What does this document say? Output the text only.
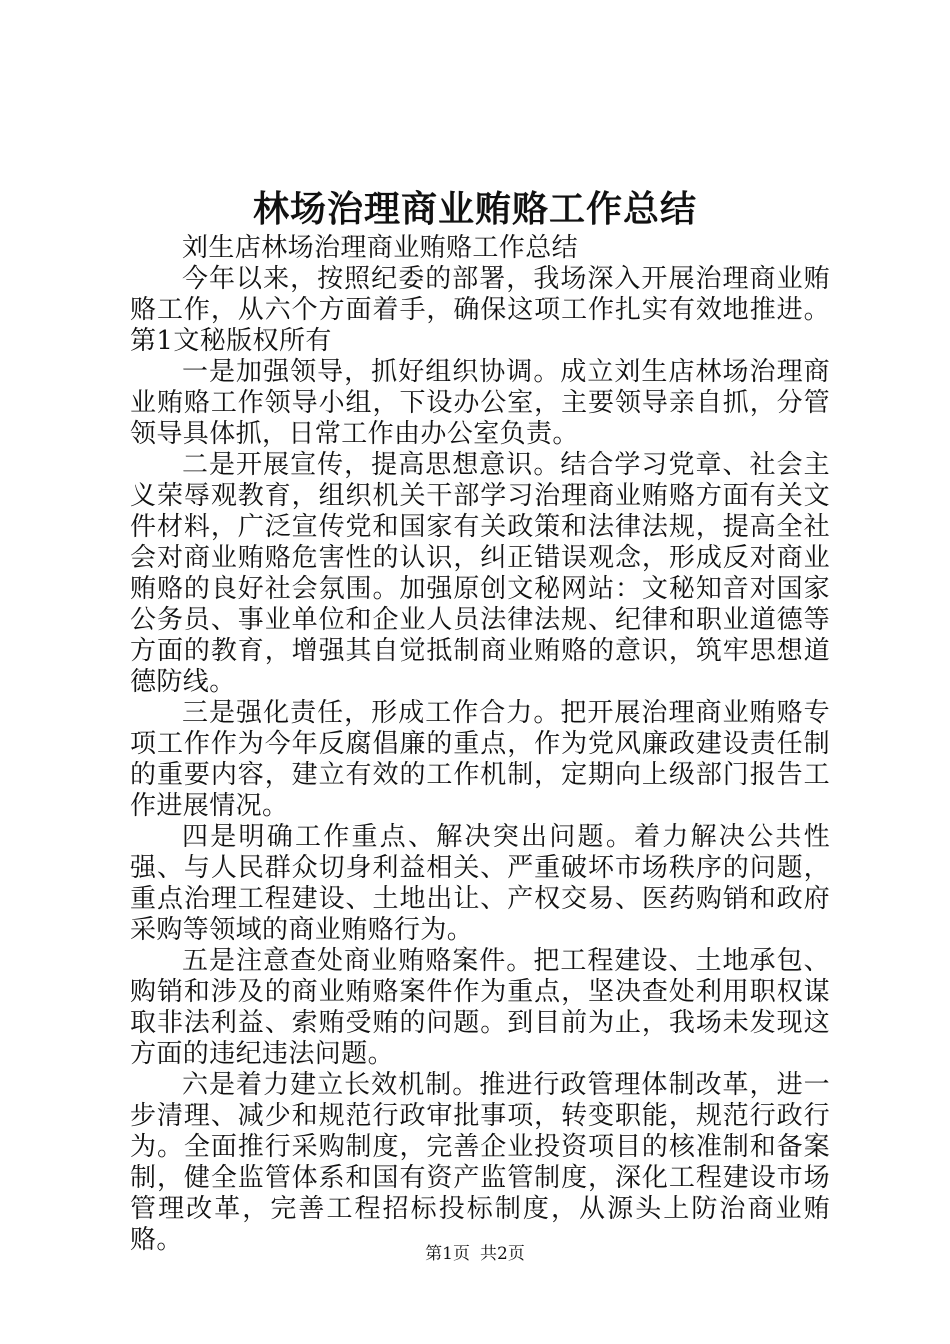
林场治理商业贿赂工作总结

刘生店林场治理商业贿赂工作总结

今年以来，按照纪委的部署，我场深入开展治理商业贿赂工作，从六个方面着手，确保这项工作扎实有效地推进。第1文秘版权所有

一是加强领导，抓好组织协调。成立刘生店林场治理商业贿赂工作领导小组，下设办公室，主要领导亲自抓，分管领导具体抓，日常工作由办公室负责。

二是开展宣传，提高思想意识。结合学习党章、社会主义荣辱观教育，组织机关干部学习治理商业贿赂方面有关文件材料，广泛宣传党和国家有关政策和法律法规，提高全社会对商业贿赂危害性的认识，纠正错误观念，形成反对商业贿赂的良好社会氛围。加强原创文秘网站：文秘知音对国家公务员、事业单位和企业人员法律法规、纪律和职业道德等方面的教育，增强其自觉抵制商业贿赂的意识，筑牢思想道德防线。

三是强化责任，形成工作合力。把开展治理商业贿赂专项工作作为今年反腐倡廉的重点，作为党风廉政建设责任制的重要内容，建立有效的工作机制，定期向上级部门报告工作进展情况。

四是明确工作重点、解决突出问题。着力解决公共性强、与人民群众切身利益相关、严重破坏市场秩序的问题，重点治理工程建设、土地出让、产权交易、医药购销和政府采购等领域的商业贿赂行为。

五是注意查处商业贿赂案件。把工程建设、土地承包、购销和涉及的商业贿赂案件作为重点，坚决查处利用职权谋取非法利益、索贿受贿的问题。到目前为止，我场未发现这方面的违纪违法问题。

六是着力建立长效机制。推进行政管理体制改革，进一步清理、减少和规范行政审批事项，转变职能，规范行政行为。全面推行采购制度，完善企业投资项目的核准制和备案制，健全监管体系和国有资产监管制度，深化工程建设市场管理改革，完善工程招标投标制度，从源头上防治商业贿赂。	第1页 共2页
